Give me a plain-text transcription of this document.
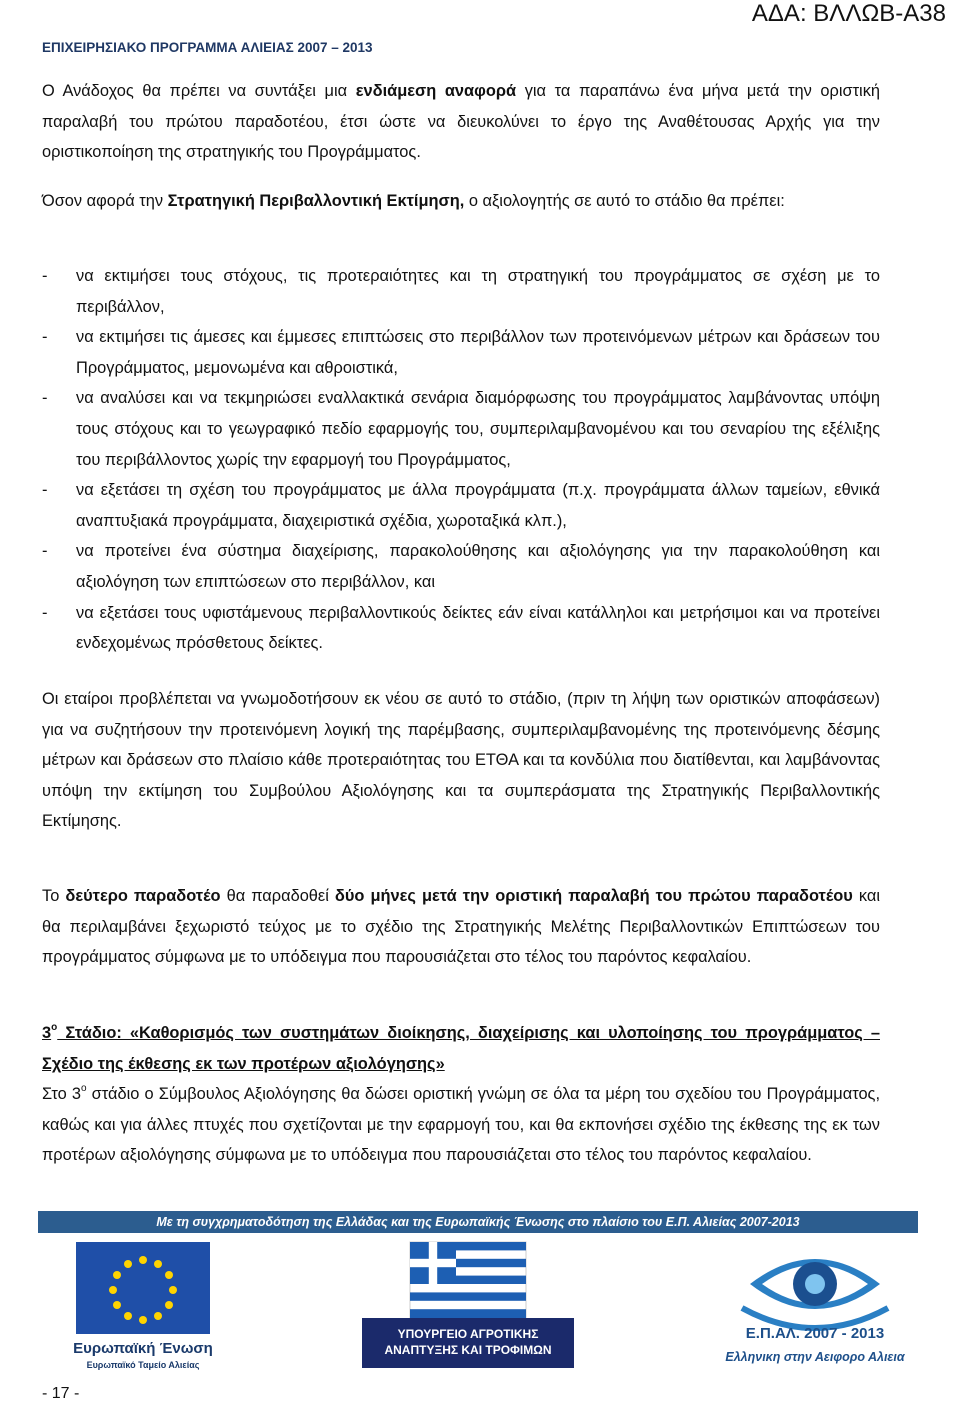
ΕΠΙΧΕΙΡΗΣΙΑΚΟ ΠΡΟΓΡΑΜΜΑ ΑΛΙΕΙΑΣ 2007 – 2013
ΑΔΑ: ΒΛΛΩΒ-Α38
Ο Ανάδοχος θα πρέπει να συντάξει μια ενδιάμεση αναφορά για τα παραπάνω ένα μήνα μετά την οριστική παραλαβή του πρώτου παραδοτέου, έτσι ώστε να διευκολύνει το έργο της Αναθέτουσας Αρχής για την οριστικοποίηση της στρατηγικής του Προγράμματος.
Όσον αφορά την Στρατηγική Περιβαλλοντική Εκτίμηση, ο αξιολογητής σε αυτό το στάδιο θα πρέπει:
-	να εκτιμήσει τους στόχους, τις προτεραιότητες και τη στρατηγική του προγράμματος σε σχέση με το περιβάλλον,
-	να εκτιμήσει τις άμεσες και έμμεσες επιπτώσεις στο περιβάλλον των προτεινόμενων μέτρων και δράσεων του Προγράμματος, μεμονωμένα και αθροιστικά,
-	να αναλύσει και να τεκμηριώσει εναλλακτικά σενάρια διαμόρφωσης του προγράμματος λαμβάνοντας υπόψη τους στόχους και το γεωγραφικό πεδίο εφαρμογής του, συμπεριλαμβανομένου και του σεναρίου της εξέλιξης του περιβάλλοντος χωρίς την εφαρμογή του Προγράμματος,
-	να εξετάσει τη σχέση του προγράμματος με άλλα προγράμματα (π.χ. προγράμματα άλλων ταμείων, εθνικά αναπτυξιακά προγράμματα, διαχειριστικά σχέδια, χωροταξικά κλπ.),
-	να προτείνει ένα σύστημα διαχείρισης, παρακολούθησης και αξιολόγησης για την παρακολούθηση και αξιολόγηση των επιπτώσεων στο περιβάλλον, και
-	να εξετάσει τους υφιστάμενους περιβαλλοντικούς δείκτες εάν είναι κατάλληλοι και μετρήσιμοι και να προτείνει ενδεχομένως πρόσθετους δείκτες.
Οι εταίροι προβλέπεται να γνωμοδοτήσουν εκ νέου σε αυτό το στάδιο, (πριν τη λήψη των οριστικών αποφάσεων) για να συζητήσουν την προτεινόμενη λογική της παρέμβασης, συμπεριλαμβανομένης της προτεινόμενης δέσμης μέτρων και δράσεων στο πλαίσιο κάθε προτεραιότητας του ΕΤΘΑ και τα κονδύλια που διατίθενται, και λαμβάνοντας υπόψη την εκτίμηση του Συμβούλου Αξιολόγησης και τα συμπεράσματα της Στρατηγικής Περιβαλλοντικής Εκτίμησης.
Το δεύτερο παραδοτέο θα παραδοθεί δύο μήνες μετά την οριστική παραλαβή του πρώτου παραδοτέου και θα περιλαμβάνει ξεχωριστό τεύχος με το σχέδιο της Στρατηγικής Μελέτης Περιβαλλοντικών Επιπτώσεων του προγράμματος σύμφωνα με το υπόδειγμα που παρουσιάζεται στο τέλος του παρόντος κεφαλαίου.
$3^o$ Στάδιο: «Καθορισμός των συστημάτων διοίκησης, διαχείρισης και υλοποίησης του προγράμματος – Σχέδιο της έκθεσης εκ των προτέρων αξιολόγησης»
Στο $3^o$ στάδιο ο Σύμβουλος Αξιολόγησης θα δώσει οριστική γνώμη σε όλα τα μέρη του σχεδίου του Προγράμματος, καθώς και για άλλες πτυχές που σχετίζονται με την εφαρμογή του, και θα εκπονήσει σχέδιο της έκθεσης της εκ των προτέρων αξιολόγησης σύμφωνα με το υπόδειγμα που παρουσιάζεται στο τέλος του παρόντος κεφαλαίου.
Με τη συγχρηματοδότηση της Ελλάδας και της Ευρωπαϊκής Ένωσης στο πλαίσιο του Ε.Π. Αλιείας 2007-2013
Ευρωπαϊκή Ένωση
Ευρωπαϊκό Ταμείο Αλιείας
ΥΠΟΥΡΓΕΙΟ ΑΓΡΟΤΙΚΗΣ
ΑΝΑΠΤΥΞΗΣ ΚΑΙ ΤΡΟΦΙΜΩΝ
Ε.Π.ΑΛ. 2007 - 2013
Ελληνικη στην Αειφορο Αλιεια
- 17 -
